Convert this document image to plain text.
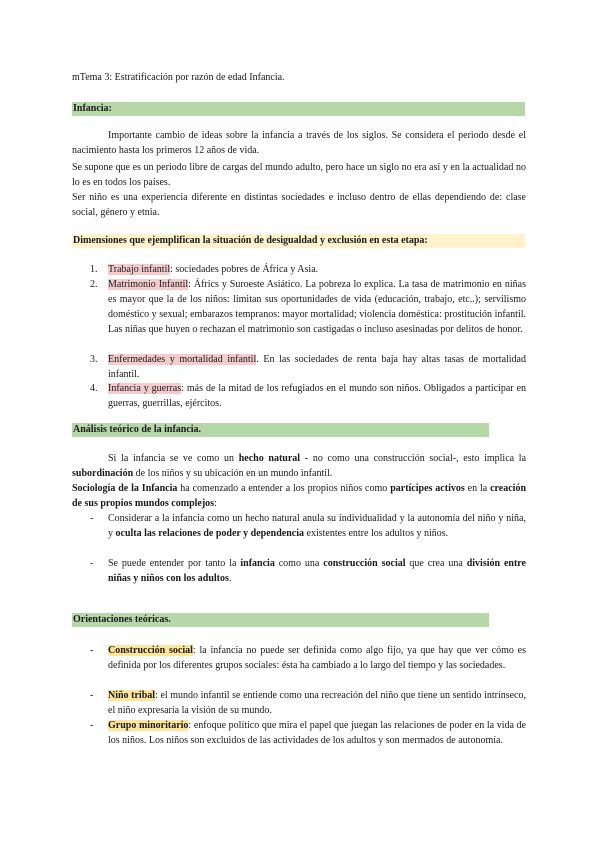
mTema 3: Estratificación por razón de edad Infancia.
Infancia:
Importante cambio de ideas sobre la infancia a través de los siglos. Se considera el periodo desde el nacimiento hasta los primeros 12 años de vida.
Se supone que es un periodo libre de cargas del mundo adulto, pero hace un siglo no era así y en la actualidad no lo es en todos los países.
Ser niño es una experiencia diferente en distintas sociedades e incluso dentro de ellas dependiendo de: clase social, género y etnia.
Dimensiones que ejemplifican la situación de desigualdad y exclusión en esta etapa:
1. Trabajo infantil: sociedades pobres de África y Asia.
2. Matrimonio Infantil: Áfrics y Suroeste Asiático. La pobreza lo explica. La tasa de matrimonio en niñas es mayor que la de los niños: limitan sus oportunidades de vida (educación, trabajo, etc..); servilismo doméstico y sexual; embarazos tempranos: mayor mortalidad; violencia doméstica: prostitución infantil. Las niñas que huyen o rechazan el matrimonio son castigadas o incluso asesinadas por delitos de honor.
3. Enfermedades y mortalidad infantil. En las sociedades de renta baja hay altas tasas de mortalidad infantil.
4. Infancia y guerras: más de la mitad de los refugiados en el mundo son niños. Obligados a participar en guerras, guerrillas, ejércitos.
Análisis teórico de la infancia.
Si la infancia se ve como un hecho natural - no como una construcción social-, esto implica la subordinación de los niños y su ubicación en un mundo infantil.
Sociología de la Infancia ha comenzado a entender a los propios niños como partícipes activos en la creación de sus propios mundos complejos:
- Considerar a la infancia como un hecho natural anula su individualidad y la autonomía del niño y niña, y oculta las relaciones de poder y dependencia existentes entre los adultos y niños.
- Se puede entender por tanto la infancia como una construcción social que crea una división entre niñas y niños con los adultos.
Orientaciones teóricas.
- Construcción social: la infancia no puede ser definida como algo fijo, ya que hay que ver cómo es definida por los diferentes grupos sociales: ésta ha cambiado a lo largo del tiempo y las sociedades.
- Niño tribal: el mundo infantil se entiende como una recreación del niño que tiene un sentido intrínseco, el niño expresaría la visión de su mundo.
- Grupo minoritario: enfoque político que mira el papel que juegan las relaciones de poder en la vida de los niños. Los niños son excluidos de las actividades de los adultos y son mermados de autonomía.
